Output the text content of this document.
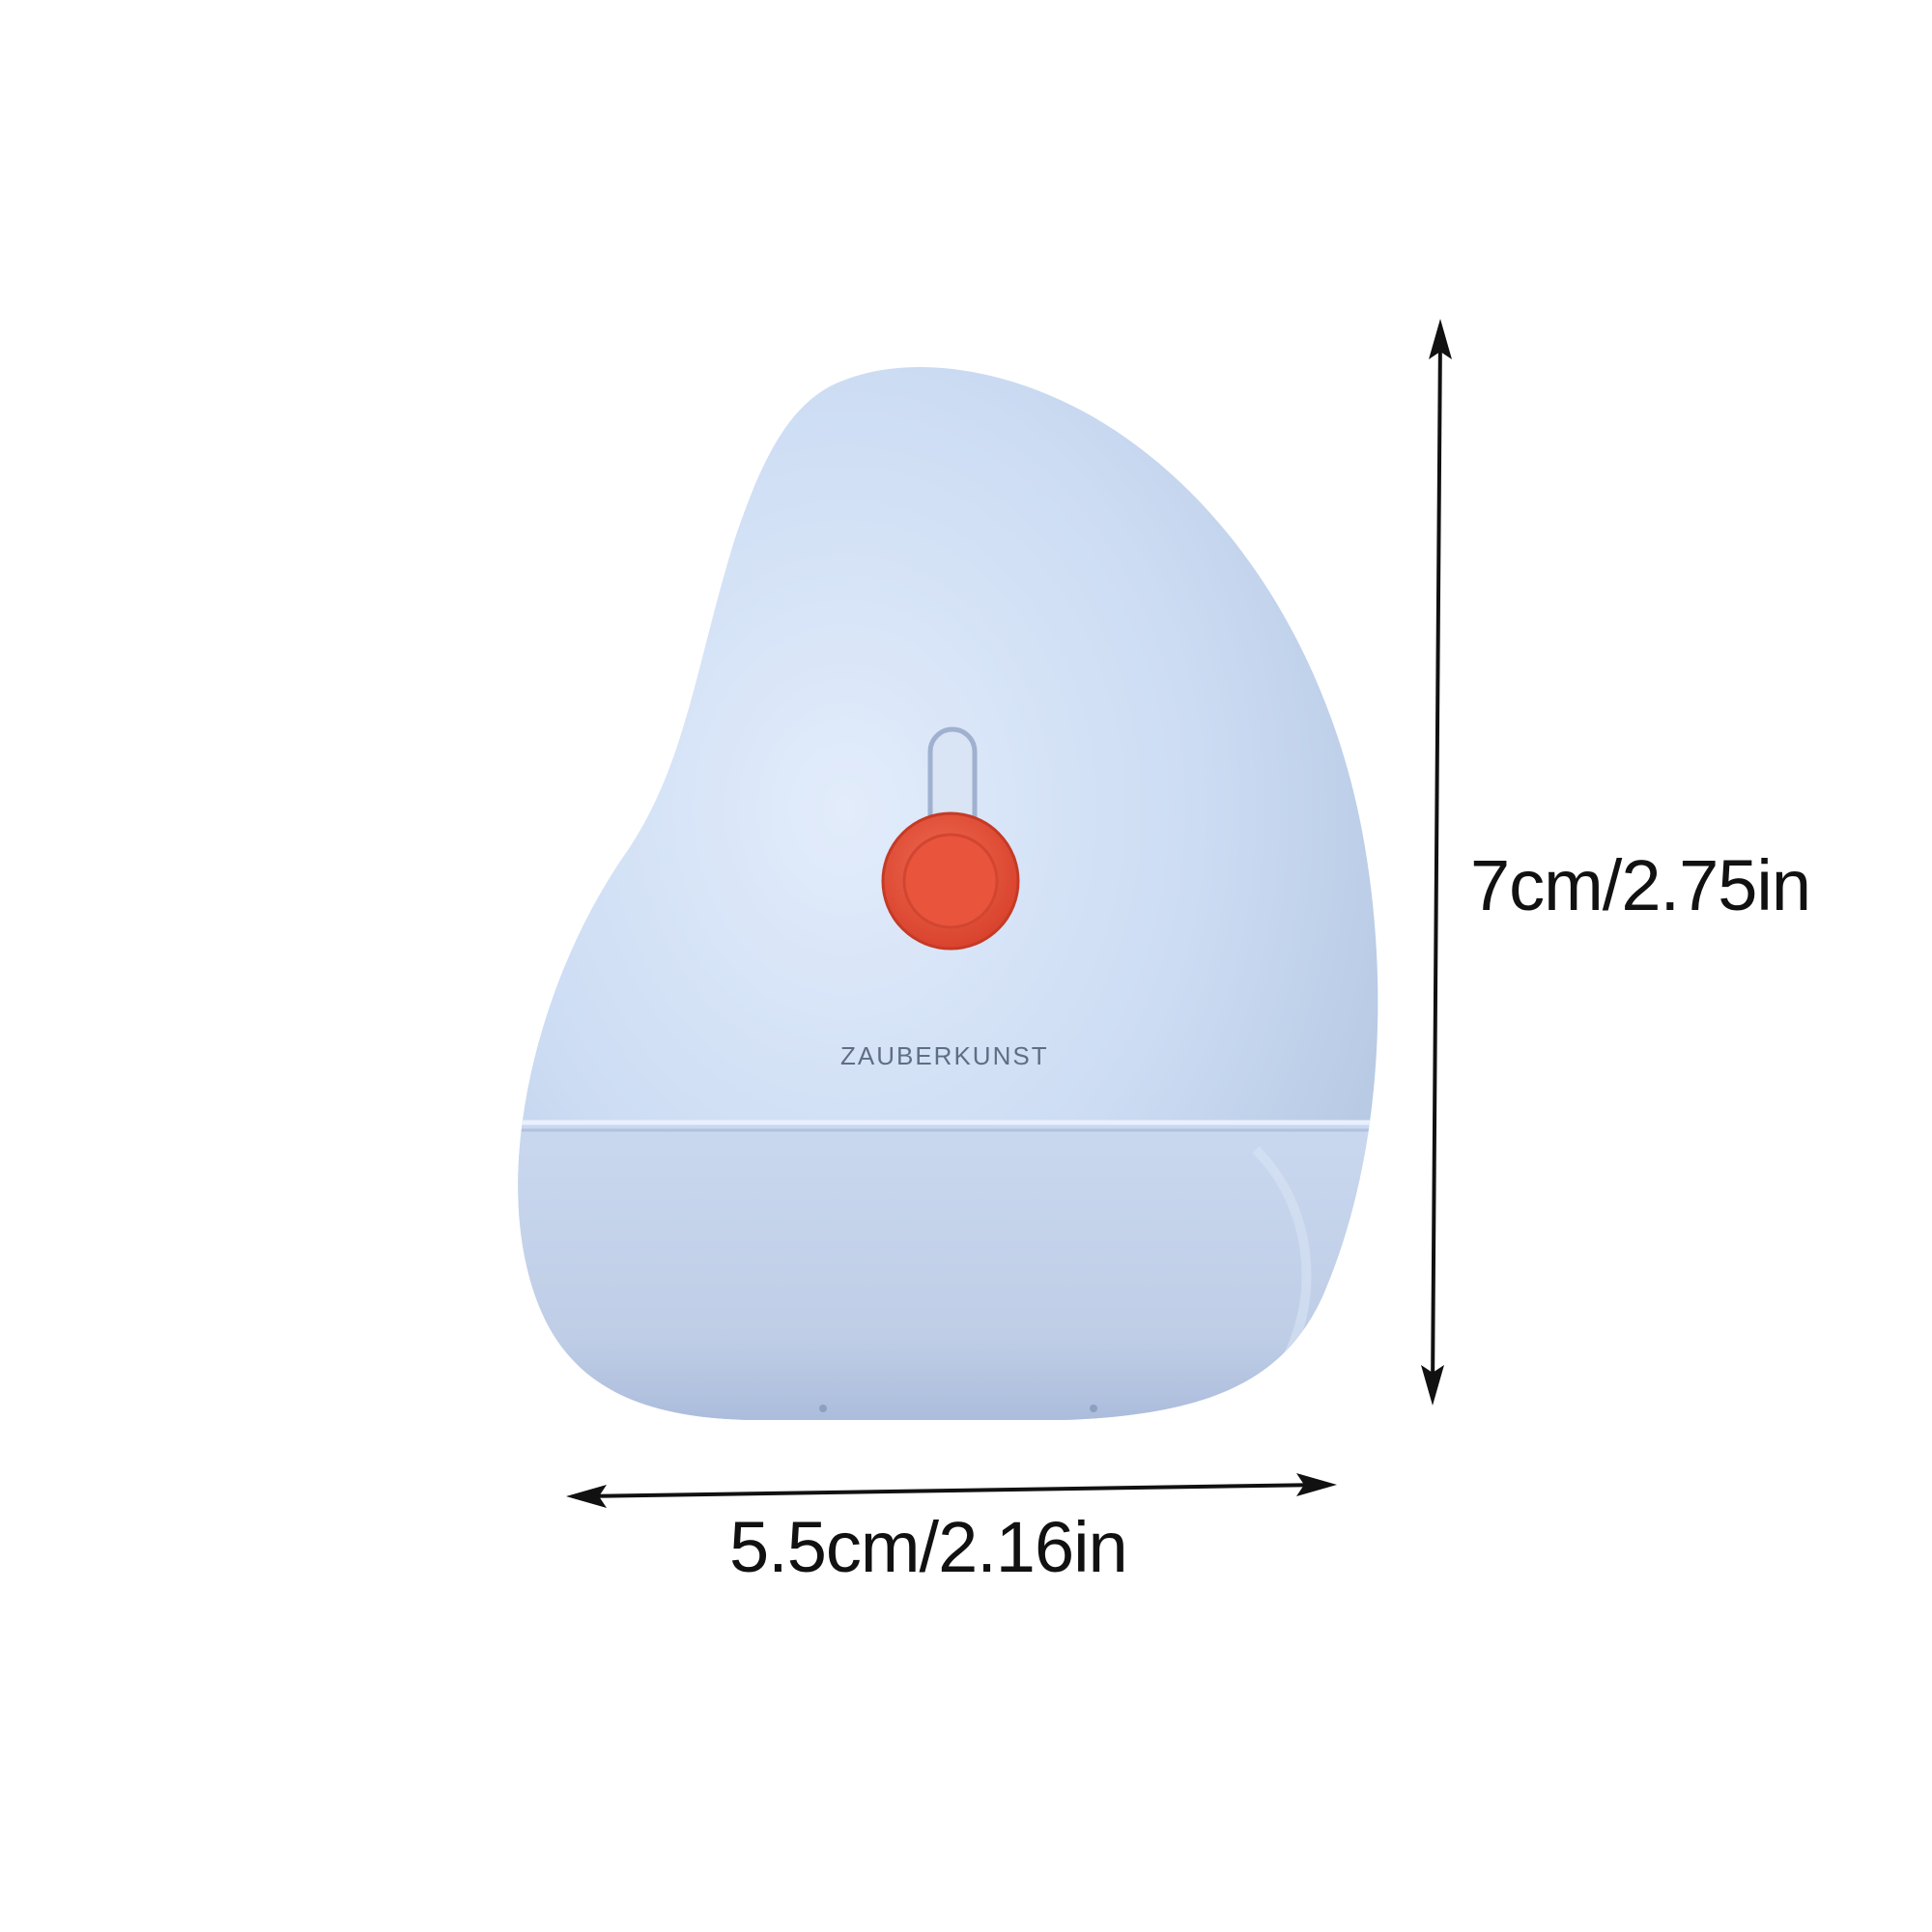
ZAUBERKUNST
7cm/2.75in
5.5cm/2.16in
